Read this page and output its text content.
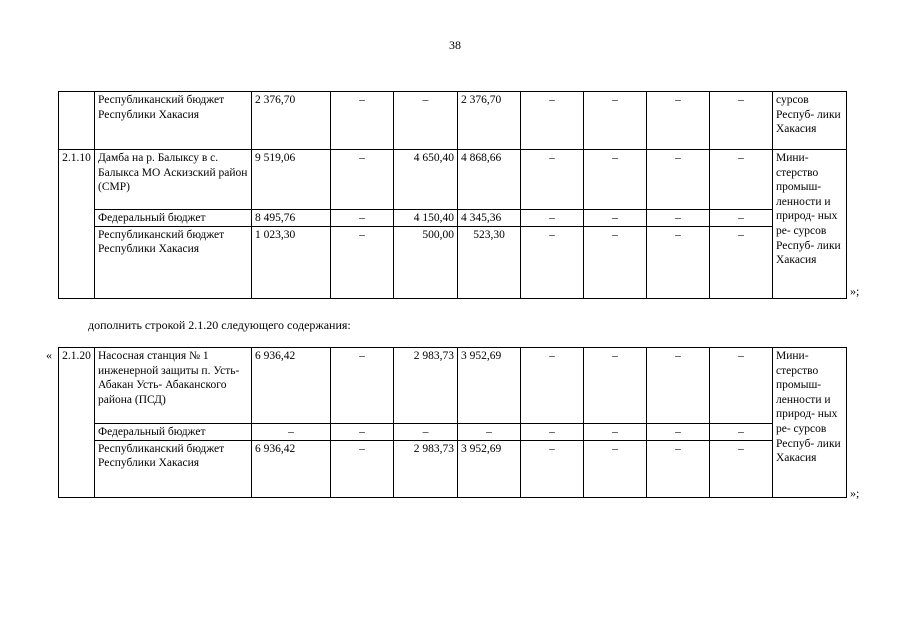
38
	Республиканский бюджет Республики Хакасия	2 376,70	–	–	2 376,70	–	–	–	–	сурсов Респуб- лики Хакасия
2.1.10	Дамба на р. Балыксу в с. Балыкса МО Аскизский район (СМР)	9 519,06	–	4 650,40	4 868,66	–	–	–	–	Мини- стерство промыш- ленности и природ- ных ре- сурсов Респуб- лики Хакасия
	Федеральный бюджет	8 495,76	–	4 150,40	4 345,36	–	–	–	–	
	Республиканский бюджет Республики Хакасия	1 023,30	–	500,00	523,30	–	–	–	–	
»;
дополнить строкой 2.1.20 следующего содержания:
« 2.1.20	Насосная станция № 1 инженерной защиты п. Усть-Абакан Усть- Абаканского района (ПСД)	6 936,42	–	2 983,73	3 952,69	–	–	–	–	Мини- стерство промыш- ленности и природ- ных ре- сурсов Респуб- лики Хакасия
	Федеральный бюджет	–	–	–	–	–	–	–	–	
	Республиканский бюджет Республики Хакасия	6 936,42	–	2 983,73	3 952,69	–	–	–	–	
»;
